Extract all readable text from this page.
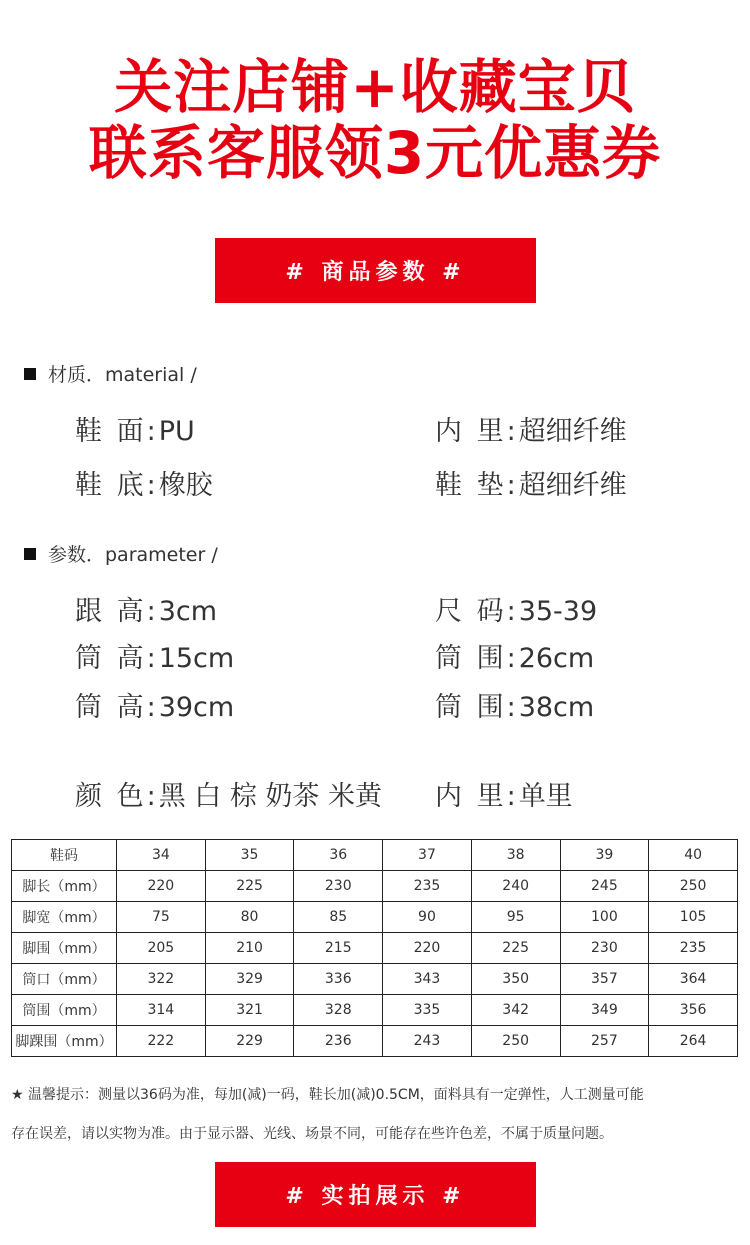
关注店铺+收藏宝贝
联系客服领3元优惠券
# 商品参数 #
材质．material /
鞋 面:PU	内 里:超细纤维
鞋 底:橡胶	鞋 垫:超细纤维
参数．parameter /
跟 高:3cm	尺 码:35-39
筒 高:15cm	筒 围:26cm
筒 高:39cm	筒 围:38cm
颜 色:黑 白 棕 奶茶 米黄 内 里:单里
鞋码	34	35	36	37	38	39	40
脚长（mm）	220	225	230	235	240	245	250
脚宽（mm）	75	80	85	90	95	100	105
脚围（mm）	205	210	215	220	225	230	235
筒口（mm）	322	329	336	343	350	357	364
筒围（mm）	314	321	328	335	342	349	356
脚踝围（mm）	222	229	236	243	250	257	264
★ 温馨提示：测量以36码为准，每加(减)一码，鞋长加(减)0.5CM，面料具有一定弹性，人工测量可能
存在误差，请以实物为准。由于显示器、光线、场景不同，可能存在些许色差，不属于质量问题。
# 实拍展示 #
